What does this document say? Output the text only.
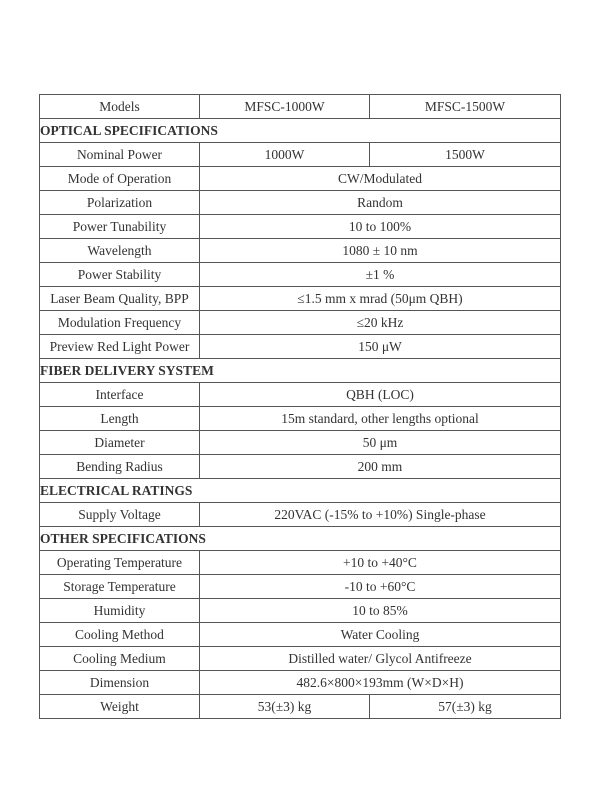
Models	MFSC-1000W	MFSC-1500W
OPTICAL SPECIFICATIONS		
Nominal Power	1000W	1500W
Mode of Operation	CW/Modulated	
Polarization	Random	
Power Tunability	10 to 100%	
Wavelength	1080 ± 10 nm	
Power Stability	±1 %	
Laser Beam Quality, BPP	≤1.5 mm x mrad (50μm QBH)	
Modulation Frequency	≤20 kHz	
Preview Red Light Power	150 μW	
FIBER DELIVERY SYSTEM		
Interface	QBH (LOC)	
Length	15m standard, other lengths optional	
Diameter	50 μm	
Bending Radius	200 mm	
ELECTRICAL RATINGS		
Supply Voltage	220VAC (-15% to +10%) Single-phase	
OTHER SPECIFICATIONS		
Operating Temperature	+10 to +40°C	
Storage Temperature	-10 to +60°C	
Humidity	10 to 85%	
Cooling Method	Water Cooling	
Cooling Medium	Distilled water/ Glycol Antifreeze	
Dimension	482.6×800×193mm (W×D×H)	
Weight	53(±3) kg	57(±3) kg
